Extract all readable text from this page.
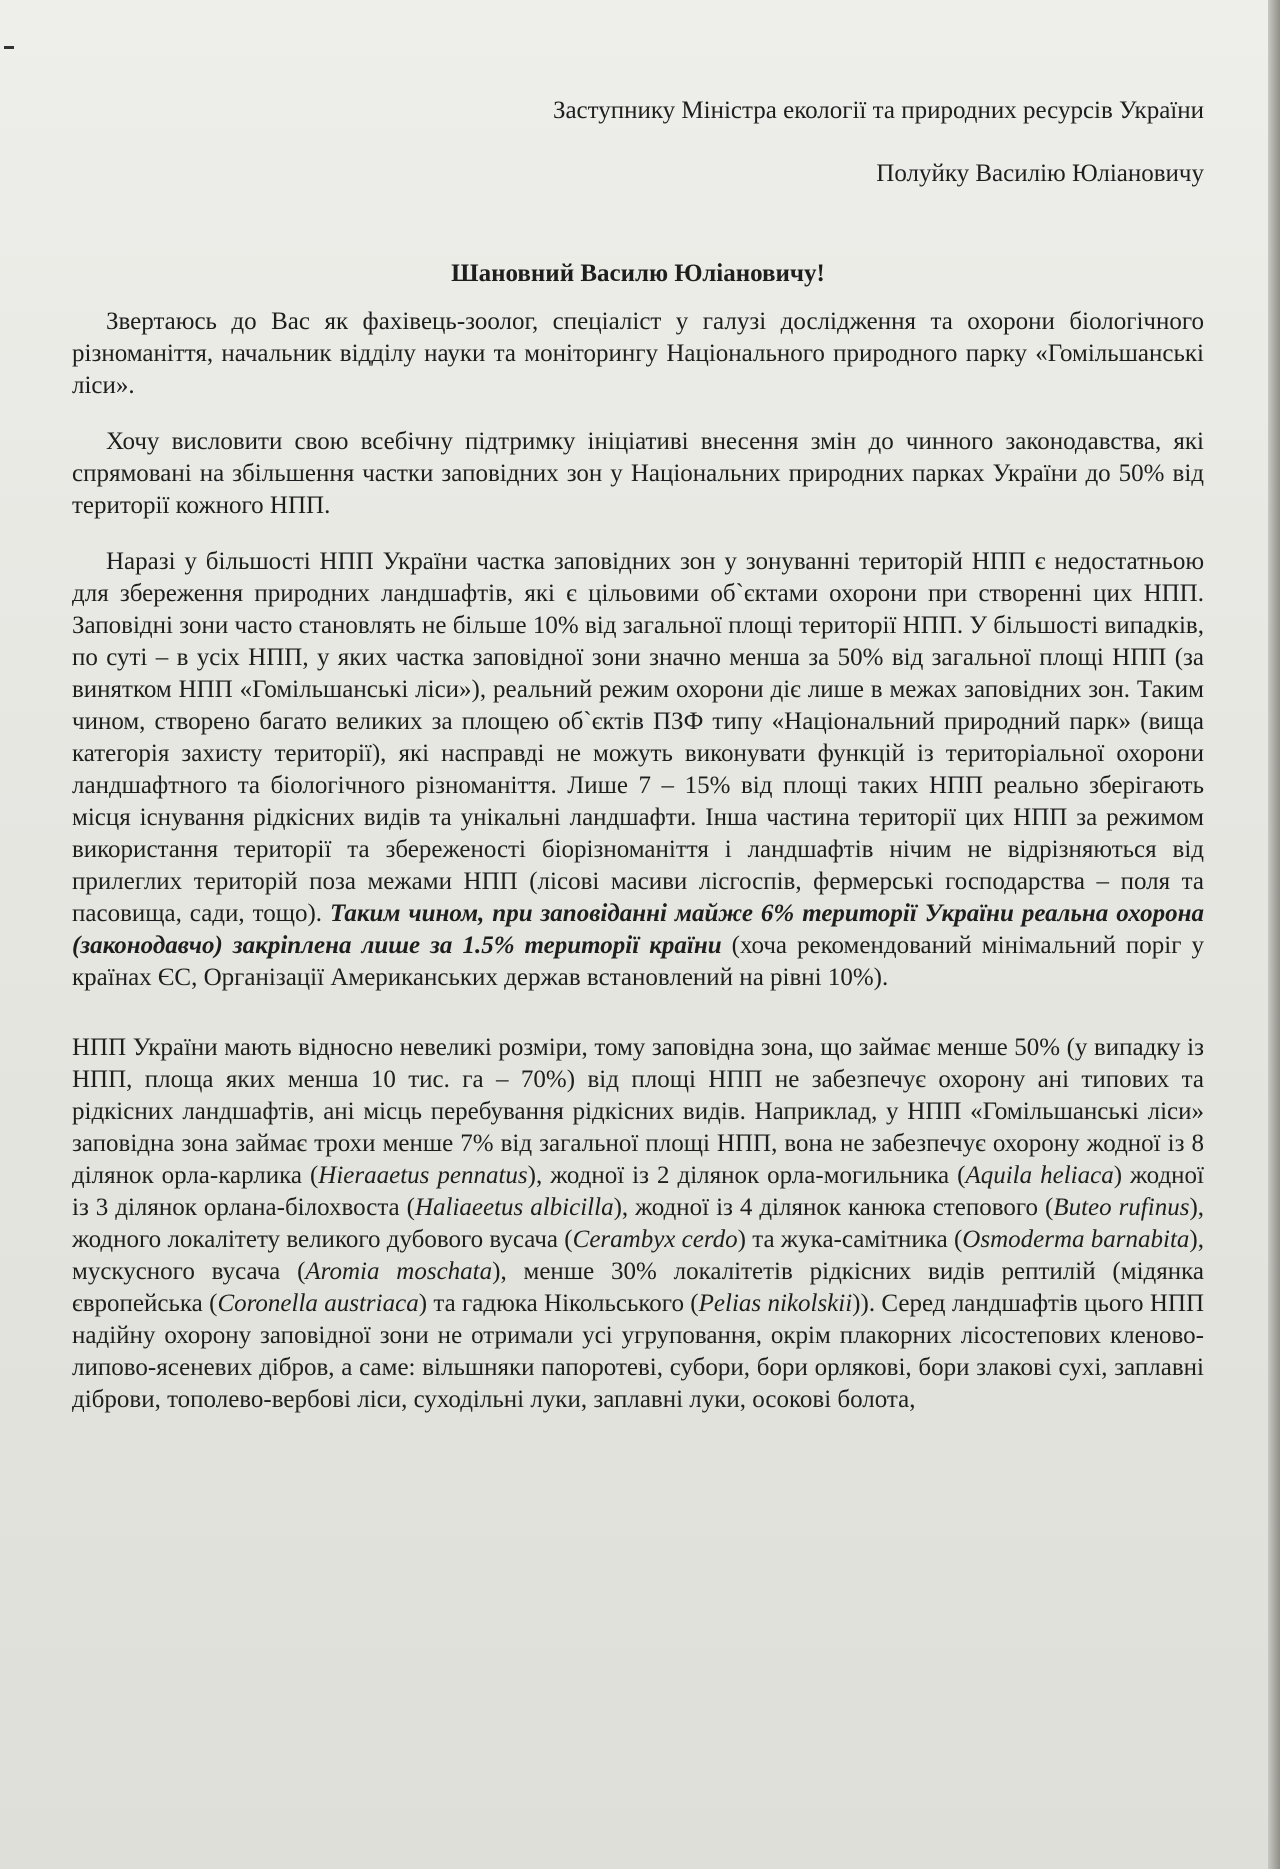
Заступнику Міністра екології та природних ресурсів України

Полуйку Василію Юліановичу

Шановний Василю Юліановичу!

Звертаюсь до Вас як фахівець-зоолог, спеціаліст у галузі дослідження та охорони біологічного різноманіття, начальник відділу науки та моніторингу Національного природного парку «Гомільшанські ліси».

Хочу висловити свою всебічну підтримку ініціативі внесення змін до чинного законодавства, які спрямовані на збільшення частки заповідних зон у Національних природних парках України до 50% від території кожного НПП.

Наразі у більшості НПП України частка заповідних зон у зонуванні територій НПП є недостатньою для збереження природних ландшафтів, які є цільовими об`єктами охорони при створенні цих НПП. Заповідні зони часто становлять не більше 10% від загальної площі території НПП. У більшості випадків, по суті – в усіх НПП, у яких частка заповідної зони значно менша за 50% від загальної площі НПП (за винятком НПП «Гомільшанські ліси»), реальний режим охорони діє лише в межах заповідних зон. Таким чином, створено багато великих за площею об`єктів ПЗФ типу «Національний природний парк» (вища категорія захисту території), які насправді не можуть виконувати функцій із територіальної охорони ландшафтного та біологічного різноманіття. Лише 7 – 15% від площі таких НПП реально зберігають місця існування рідкісних видів та унікальні ландшафти. Інша частина території цих НПП за режимом використання території та збереженості біорізноманіття і ландшафтів нічим не відрізняються від прилеглих територій поза межами НПП (лісові масиви лісгоспів, фермерські господарства – поля та пасовища, сади, тощо). Таким чином, при заповіданні майже 6% території України реальна охорона (законодавчо) закріплена лише за 1.5% території країни (хоча рекомендований мінімальний поріг у країнах ЄС, Організації Американських держав встановлений на рівні 10%).

НПП України мають відносно невеликі розміри, тому заповідна зона, що займає менше 50% (у випадку із НПП, площа яких менша 10 тис. га – 70%) від площі НПП не забезпечує охорону ані типових та рідкісних ландшафтів, ані місць перебування рідкісних видів. Наприклад, у НПП «Гомільшанські ліси» заповідна зона займає трохи менше 7% від загальної площі НПП, вона не забезпечує охорону жодної із 8 ділянок орла-карлика (Hieraaetus pennatus), жодної із 2 ділянок орла-могильника (Aquila heliaca) жодної із 3 ділянок орлана-білохвоста (Haliaeetus albicilla), жодної із 4 ділянок канюка степового (Buteo rufinus), жодного локалітету великого дубового вусача (Cerambyx cerdo) та жука-самітника (Osmoderma barnabita), мускусного вусача (Aromia moschata), менше 30% локалітетів рідкісних видів рептилій (мідянка європейська (Coronella austriaca) та гадюка Нікольського (Pelias nikolskii)). Серед ландшафтів цього НПП надійну охорону заповідної зони не отримали усі угруповання, окрім плакорних лісостепових кленово-липово-ясеневих дібров, а саме: вільшняки папоротеві, субори, бори орлякові, бори злакові сухі, заплавні діброви, тополево-вербові ліси, суходільні луки, заплавні луки, осокові болота,
